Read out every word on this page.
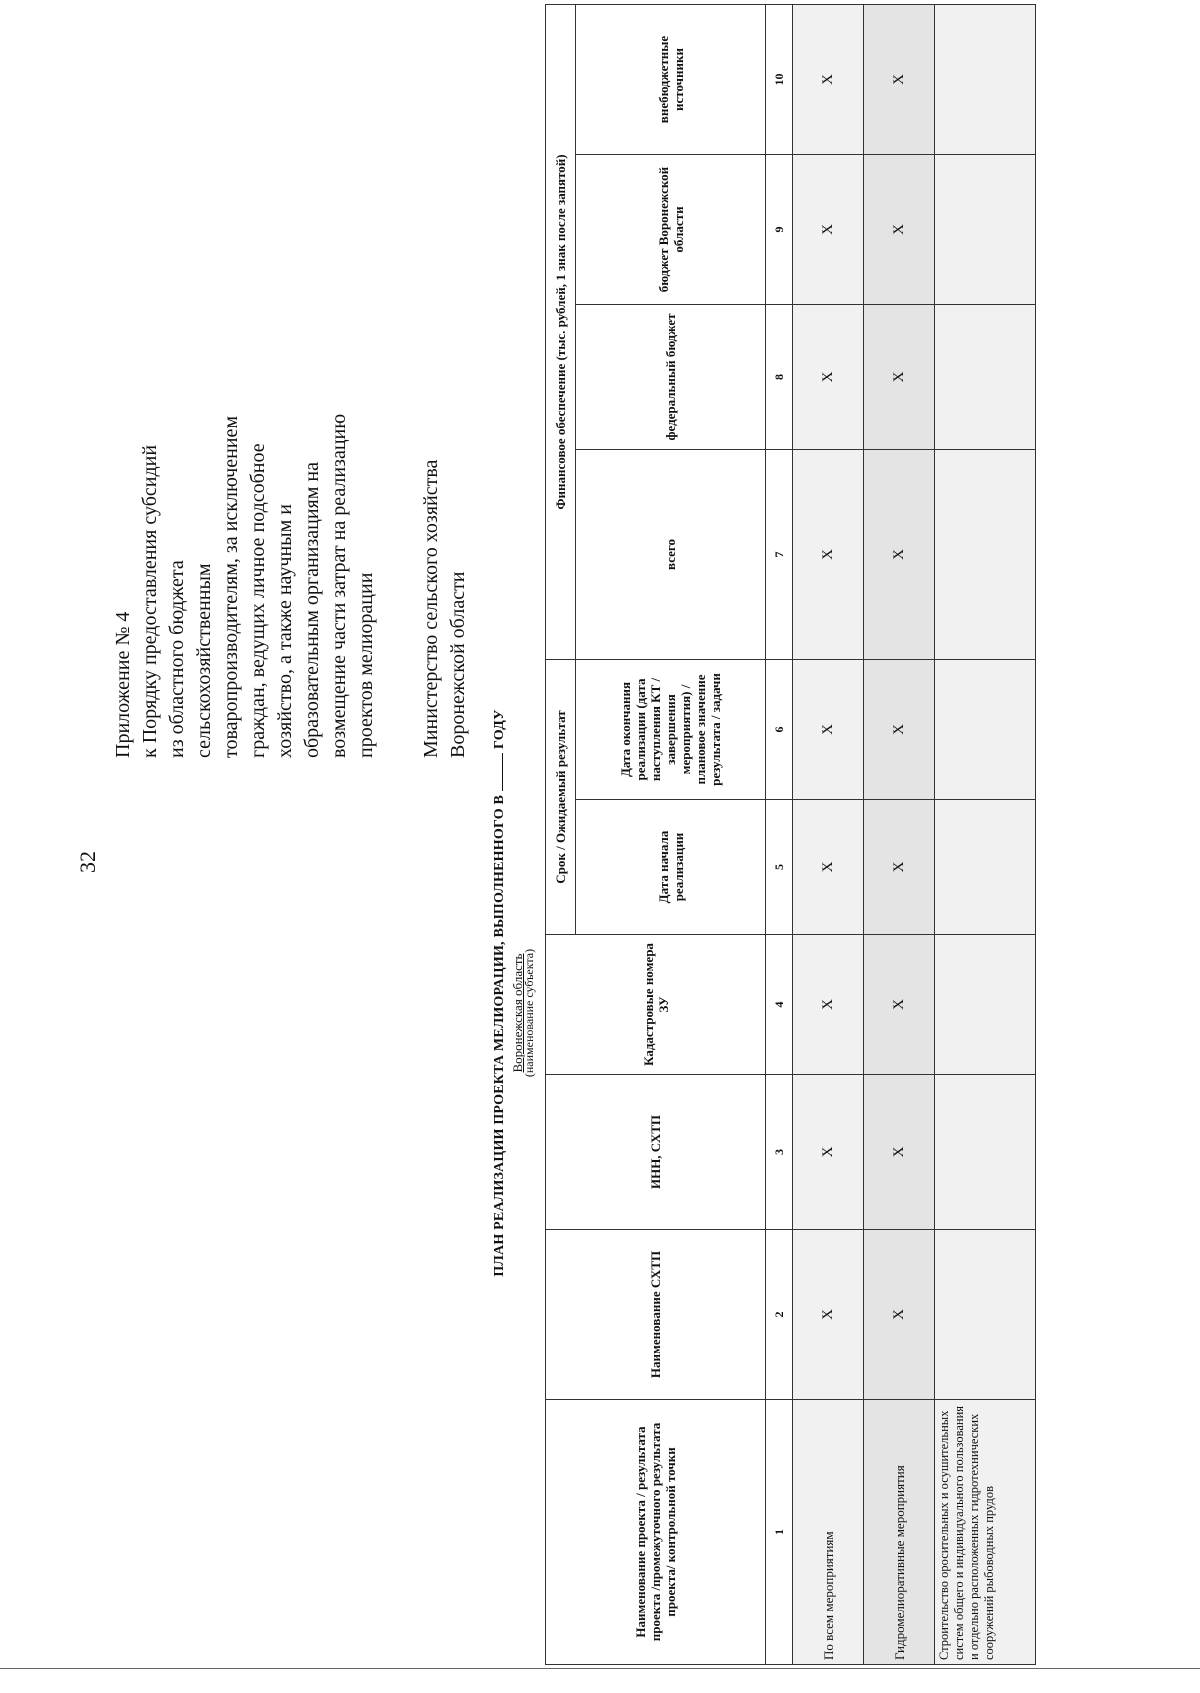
32
Приложение № 4 к Порядку предоставления субсидий из областного бюджета сельскохозяйственным товаропроизводителям, за исключением граждан, ведущих личное подсобное хозяйство, а также научным и образовательным организациям на возмещение части затрат на реализацию проектов мелиорации Министерство сельского хозяйства Воронежской области
ПЛАН РЕАЛИЗАЦИИ ПРОЕКТА МЕЛИОРАЦИИ, ВЫПОЛНЕННОГО ВГОДУ
Воронежская область
(наименование субъекта)
Наименование проекта / результата проекта /промежуточного результата проекта/ контрольной точки	Наименование СХТП	ИНН, СХТП	Кадастровые номера ЗУ	Срок / Ожидаемый результат		Финансовое обеспечение (тыс. рублей, 1 знак после запятой)			
				Дата начала реализации	Дата окончания реализации (дата наступления КТ / завершения мероприятия) / плановое значение результата / задачи	всего	федеральный бюджет	бюджет Воронежской области	внебюджетные источники
1	2	3	4	5	6	7	8	9	10
По всем мероприятиям	Х	Х	Х	Х	Х	Х	Х	Х	Х
Гидромелиоративные мероприятия	Х	Х	Х	Х	Х	Х	Х	Х	Х
Строительство оросительных и осушительных систем общего и индивидуального пользования и отдельно расположенных гидротехнических сооружений рыбоводных прудов									
